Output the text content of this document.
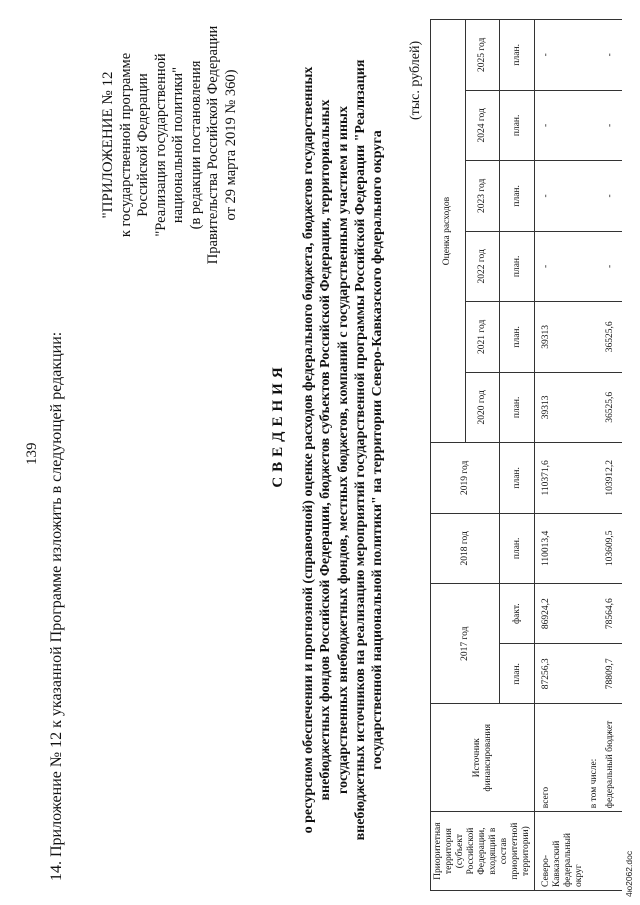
139 14. Приложение № 12 к указанной Программе изложить в следующей редакции:
"ПРИЛОЖЕНИЕ № 12 к государственной программе Российской Федерации "Реализация государственной национальной политики" (в редакции постановления Правительства Российской Федерации от 29 марта 2019 № 360)
СВЕДЕНИЯ о ресурсном обеспечении и прогнозной (справочной) оценке расходов федерального бюджета, бюджетов государственных внебюджетных фондов Российской Федерации, бюджетов субъектов Российской Федерации, территориальных государственных внебюджетных фондов, местных бюджетов, компаний с государственным участием и иных внебюджетных источников на реализацию мероприятий государственной программы Российской Федерации "Реализация государственной национальной политики" на территории Северо-Кавказского федерального округа
(тыс. рублей)
Приоритетная территория (субъект Российской Федерации, входящий в состав приоритетной территории)	Источник финансирования	2017 год		2018 год	2019 год	Оценка расходов					
						2020 год	2021 год	2022 год	2023 год	2024 год	2025 год
		план.	факт.	план.	план.	план.	план.	план.	план.	план.	план.
Северо-Кавказский федеральный округ	всего	87256,3	86924,2	110013,4	110371,6	39313	39313	-	-	-	-
	в том числе:										
	федеральный бюджет	78809,7	78564,6	103609,5	103912,2	36525,6	36525,6	-	-	-	-
4ю2062.doc
